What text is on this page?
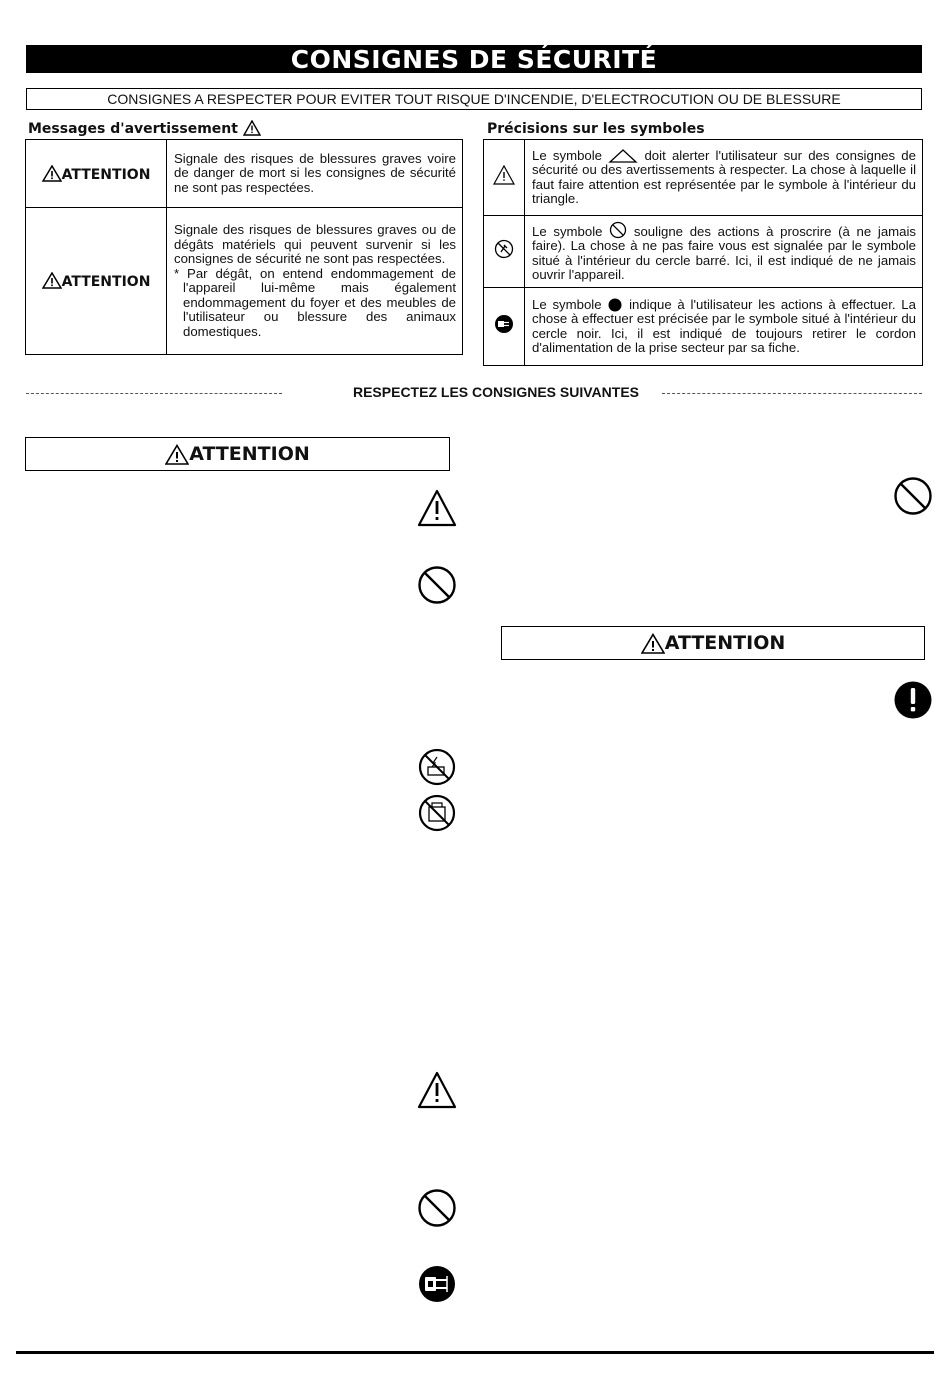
CONSIGNES DE SÉCURITÉ
CONSIGNES A RESPECTER POUR EVITER TOUT RISQUE D'INCENDIE, D'ELECTROCUTION OU DE BLESSURE
Messages d'avertissement
ATTENTION	Signale des risques de blessures graves voire de danger de mort si les consignes de sécurité ne sont pas respectées.

ATTENTION	Signale des risques de blessures graves ou de dégâts matériels qui peuvent survenir si les consignes de sécurité ne sont pas respectées.

* Par dégât, on entend endommagement de l'appareil lui-même mais également endommagement du foyer et des meubles de l'utilisateur ou blessure des animaux domestiques.

Précisions sur les symboles
	Le symbole doit alerter l'utilisateur sur des consignes de sécurité ou des avertissements à respecter. La chose à laquelle il faut faire attention est représentée par le symbole à l'intérieur du triangle.
	Le symbole souligne des actions à proscrire (à ne jamais faire). La chose à ne pas faire vous est signalée par le symbole situé à l'intérieur du cercle barré. Ici, il est indiqué de ne jamais ouvrir l'appareil.
	Le symbole indique à l'utilisateur les actions à effectuer. La chose à effectuer est précisée par le symbole situé à l'intérieur du cercle noir. Ici, il est indiqué de toujours retirer le cordon d'alimentation de la prise secteur par sa fiche.
RESPECTEZ LES CONSIGNES SUIVANTES
ATTENTION
ATTENTION
